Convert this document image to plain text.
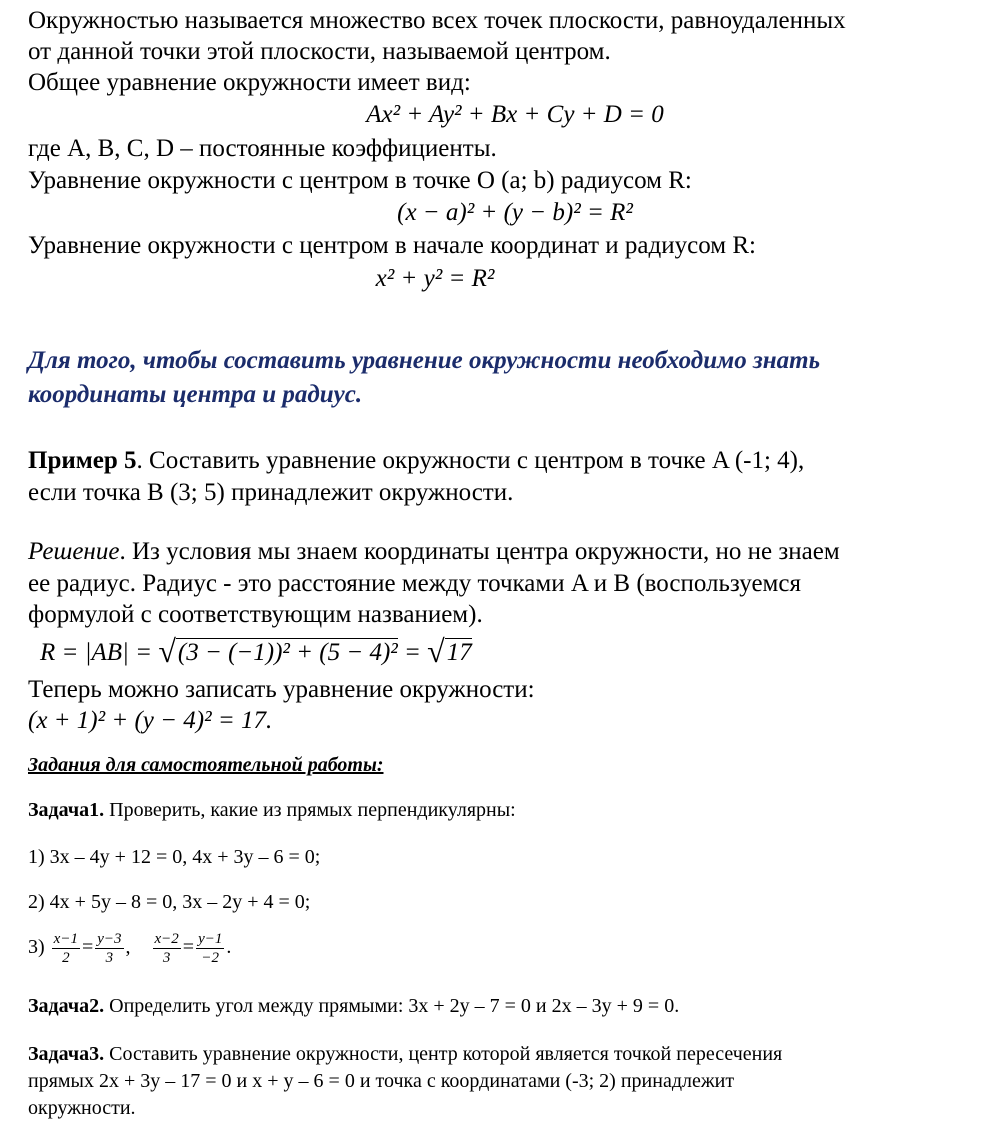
Окружностью называется множество всех точек плоскости, равноудаленных
от данной точки этой плоскости, называемой центром.
Общее уравнение окружности имеет вид:
Ax² + Ay² + Bx + Cy + D = 0
где A, B, C, D – постоянные коэффициенты.
Уравнение окружности с центром в точке O (a; b) радиусом R:
(x − a)² + (y − b)² = R²
Уравнение окружности с центром в начале координат и радиусом R:
x² + y² = R²
Для того, чтобы составить уравнение окружности необходимо знать
координаты центра и радиус.
Пример 5. Составить уравнение окружности с центром в точке A (-1; 4),
если точка B (3; 5) принадлежит окружности.
Решение. Из условия мы знаем координаты центра окружности, но не знаем
ее радиус. Радиус - это расстояние между точками A и B (воспользуемся
формулой с соответствующим названием).
R = |AB| = √(3 − (−1))² + (5 − 4)² = √17
Теперь можно записать уравнение окружности:
(x + 1)² + (y − 4)² = 17.
Задания для самостоятельной работы:
Задача1. Проверить, какие из прямых перпендикулярны:
1) 3x – 4y + 12 = 0, 4x + 3y – 6 = 0;
2) 4x + 5y – 8 = 0, 3x – 2y + 4 = 0;
$3) \frac{x-1}{2} = \frac{y-3}{3}$ , $\frac{x-2}{3} = \frac{y-1}{-2}$ .
Задача2. Определить угол между прямыми: 3x + 2y – 7 = 0 и 2x – 3y + 9 = 0.
Задача3. Составить уравнение окружности, центр которой является точкой пересечения
прямых 2x + 3y – 17 = 0 и x + y – 6 = 0 и точка с координатами (-3; 2) принадлежит
окружности.
